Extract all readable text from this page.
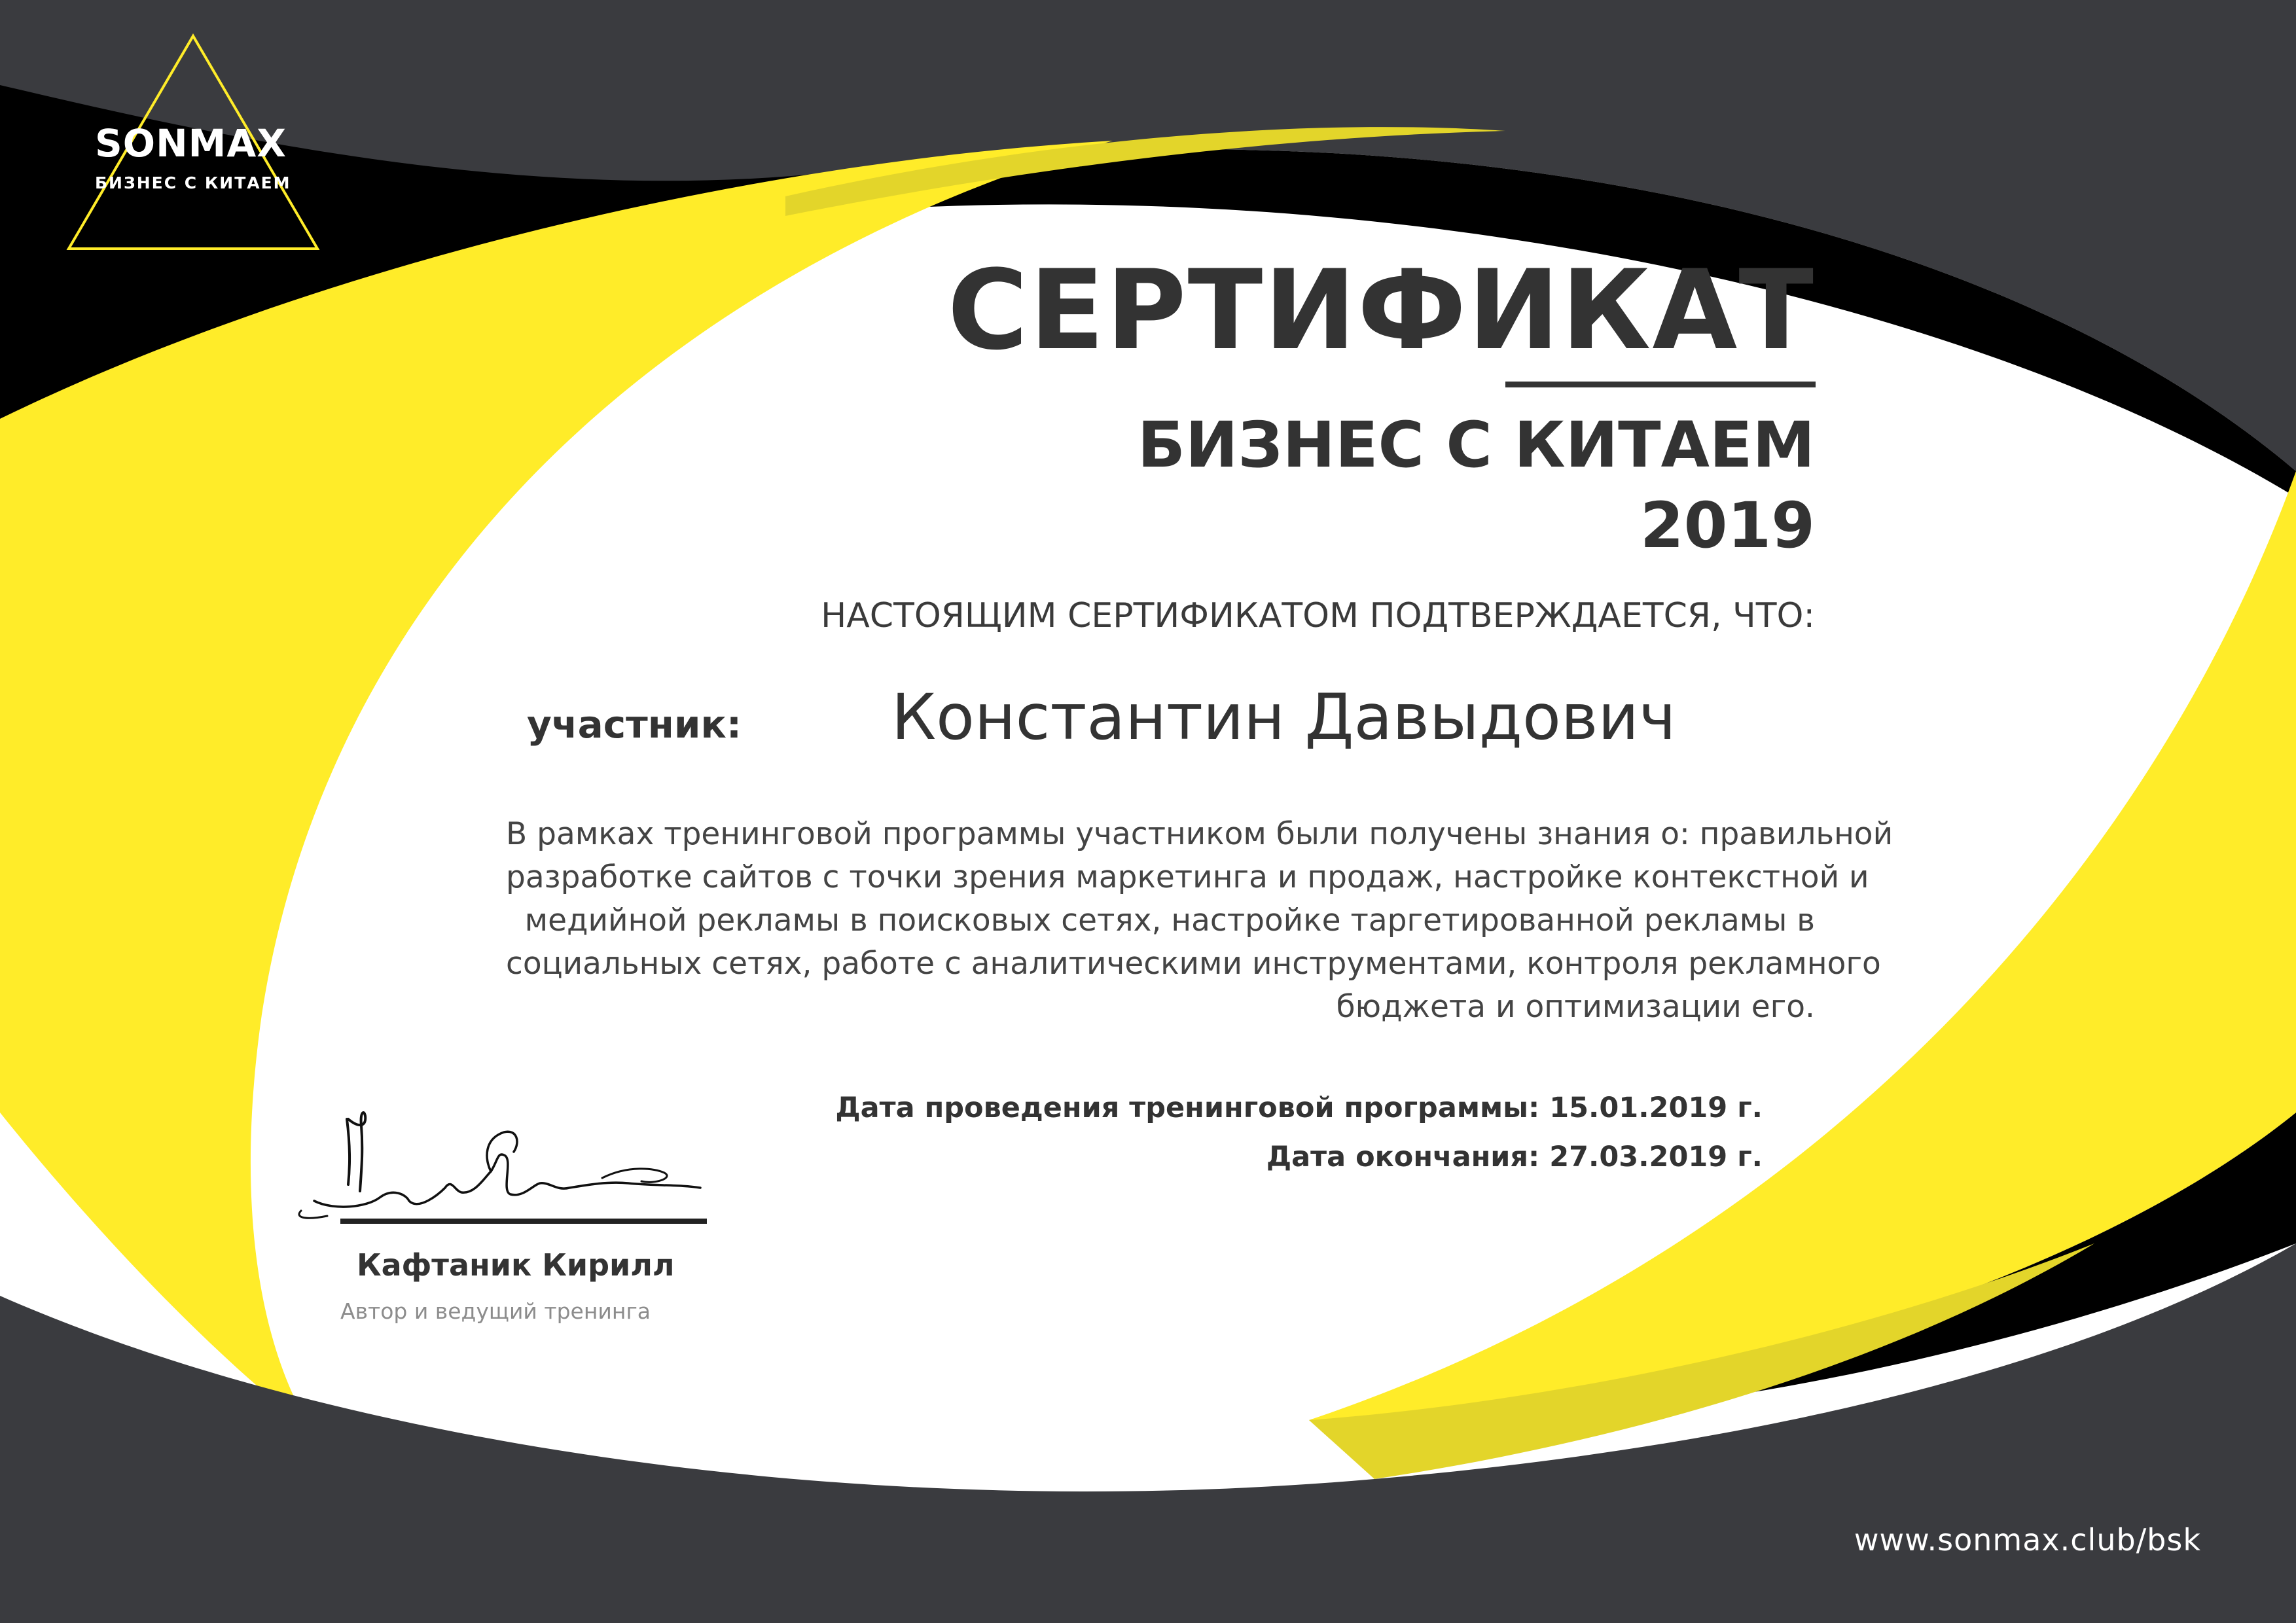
SONMAX
БИЗНЕС С КИТАЕМ
СЕРТИФИКАТ
БИЗНЕС С КИТАЕМ
2019
НАСТОЯЩИМ СЕРТИФИКАТОМ ПОДТВЕРЖДАЕТСЯ, ЧТО:
участник: Константин Давыдович
В рамках тренинговой программы участником были получены знания о: правильной
разработке сайтов с точки зрения маркетинга и продаж, настройке контекстной и
медийной рекламы в поисковых сетях, настройке таргетированной рекламы в
социальных сетях, работе с аналитическими инструментами, контроля рекламного
бюджета и оптимизации его.
Дата проведения тренинговой программы: 15.01.2019 г.
Дата окончания: 27.03.2019 г.
Кафтаник Кирилл
Автор и ведущий тренинга
www.sonmax.club/bsk
